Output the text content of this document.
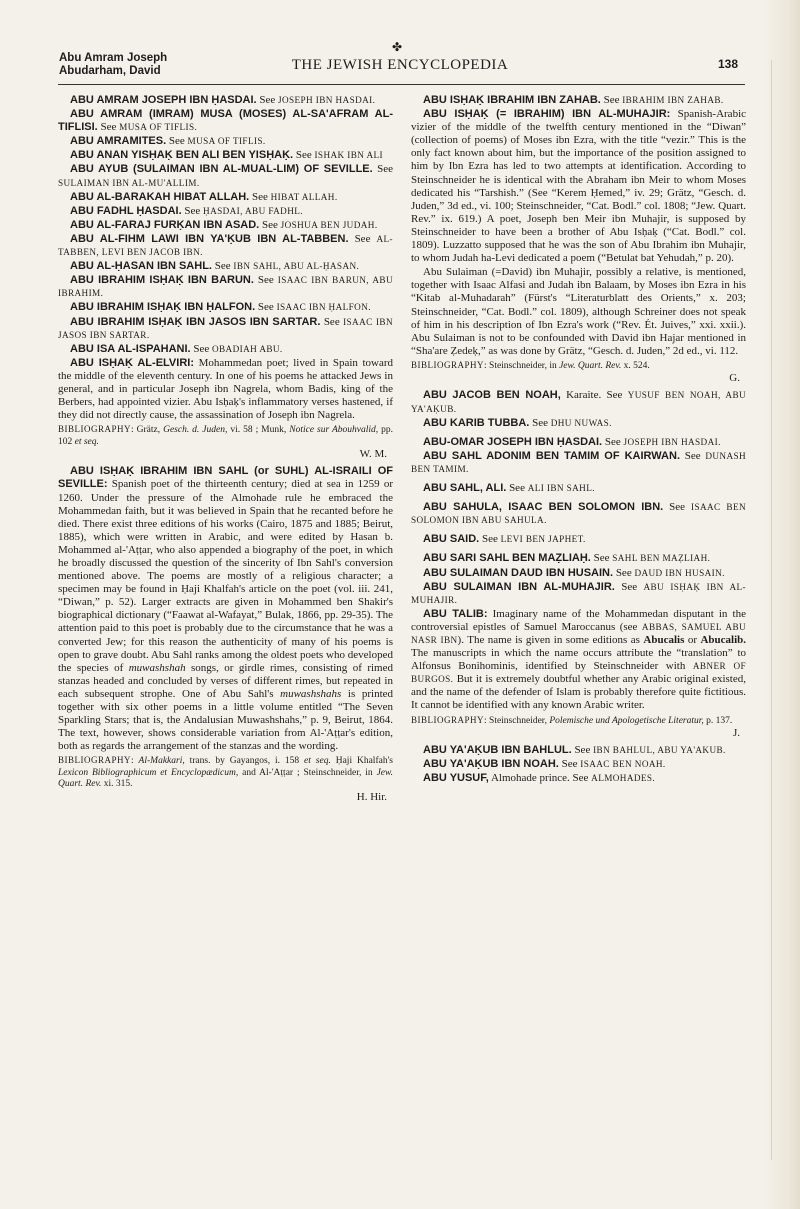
Abu Amram Joseph
Abudarham, David	THE JEWISH ENCYCLOPEDIA	138
✤

ABU AMRAM JOSEPH IBN ḤASDAI. See JOSEPH IBN HASDAI.

ABU AMRAM (IMRAM) MUSA (MOSES) AL-SA'AFRAM AL-TIFLISI. See MUSA OF TIFLIS.

ABU AMRAMITES. See MUSA OF TIFLIS.

ABU ANAN YISḤAḲ BEN ALI BEN YISḤAḲ. See ISHAK IBN ALI

ABU AYUB (SULAIMAN IBN AL-MUAL-LIM) OF SEVILLE. See SULAIMAN IBN AL-MU'ALLIM.

ABU AL-BARAKAH HIBAT ALLAH. See HIBAT ALLAH.

ABU FADHL ḤASDAI. See ḤASDAI, ABU FADHL.

ABU AL-FARAJ FURḲAN IBN ASAD. See JOSHUA BEN JUDAH.

ABU AL-FIHM LAWI IBN YA'ḲUB IBN AL-TABBEN. See AL-TABBEN, LEVI BEN JACOB IBN.

ABU AL-ḤASAN IBN SAHL. See IBN SAHL, ABU AL-ḤASAN.

ABU IBRAHIM ISḤAḲ IBN BARUN. See ISAAC IBN BARUN, ABU IBRAHIM.

ABU IBRAHIM ISḤAḲ IBN ḤALFON. See ISAAC IBN ḤALFON.

ABU IBRAHIM ISḤAḲ IBN JASOS IBN SARTAR. See ISAAC IBN JASOS IBN SARTAR.

ABU ISA AL-ISPAHANI. See OBADIAH ABU.

ABU ISḤAḲ AL-ELVIRI: Mohammedan poet; lived in Spain toward the middle of the eleventh century. In one of his poems he attacked Jews in general, and in particular Joseph ibn Nagrela, whom Badis, king of the Berbers, had appointed vizier. Abu Isḥaḳ's inflammatory verses hastened, if they did not directly cause, the assassination of Joseph ibn Nagrela.

BIBLIOGRAPHY: Grätz, Gesch. d. Juden, vi. 58 ; Munk, Notice sur Abouhvalid, pp. 102 et seq.

W. M.

ABU ISḤAḲ IBRAHIM IBN SAHL (or SUHL) AL-ISRAILI OF SEVILLE: Spanish poet of the thirteenth century; died at sea in 1259 or 1260. Under the pressure of the Almohade rule he embraced the Mohammedan faith, but it was believed in Spain that he recanted before he died. There exist three editions of his works (Cairo, 1875 and 1885; Beirut, 1885), which were written in Arabic, and were edited by Hasan b. Mohammed al-'Aṭṭar, who also appended a biography of the poet, in which he broadly discussed the question of the sincerity of Ibn Sahl's conversion mentioned above. The poems are mostly of a religious character; a specimen may be found in Ḥaji Khalfah's article on the poet (vol. iii. 241, “Diwan,” p. 52). Larger extracts are given in Mohammed ben Shakir's biographical dictionary (“Faawat al-Wafayat,” Bulak, 1866, pp. 29-35). The attention paid to this poet is probably due to the circumstance that he was a converted Jew; for this reason the authenticity of many of his poems is open to grave doubt. Abu Sahl ranks among the oldest poets who developed the species of muwashshah songs, or girdle rimes, consisting of rimed stanzas headed and concluded by verses of different rimes, but repeated in each subsequent strophe. One of Abu Sahl's muwashshahs is printed together with six other poems in a little volume entitled “The Seven Sparkling Stars; that is, the Andalusian Muwashshahs,” p. 9, Beirut, 1864. The text, however, shows considerable variation from Al-'Aṭṭar's edition, both as regards the arrangement of the stanzas and the wording.

BIBLIOGRAPHY: Al-Makkari, trans. by Gayangos, i. 158 et seq. Ḥaji Khalfah's Lexicon Bibliographicum et Encyclopædicum, and Al-'Aṭṭar ; Steinschneider, in Jew. Quart. Rev. xi. 315.

H. Hir.

ABU ISḤAḲ IBRAHIM IBN ZAHAB. See IBRAHIM IBN ZAHAB.

ABU ISḤAḲ (= IBRAHIM) IBN AL-MUHAJIR: Spanish-Arabic vizier of the middle of the twelfth century mentioned in the “Diwan” (collection of poems) of Moses ibn Ezra, with the title “vezir.” This is the only fact known about him, but the importance of the position assigned to him by Ibn Ezra has led to two attempts at identification. According to Steinschneider he is identical with the Abraham ibn Meir to whom Moses dedicated his “Tarshish.” (See “Kerem Ḥemed,” iv. 29; Grätz, “Gesch. d. Juden,” 3d ed., vi. 100; Steinschneider, “Cat. Bodl.” col. 1808; “Jew. Quart. Rev.” ix. 619.) A poet, Joseph ben Meir ibn Muhajir, is supposed by Steinschneider to have been a brother of Abu Isḥaḳ (“Cat. Bodl.” col. 1809). Luzzatto supposed that he was the son of Abu Ibrahim ibn Muhajir, to whom Judah ha-Levi dedicated a poem (“Betulat bat Yehudah,” p. 20).

Abu Sulaiman (=David) ibn Muhajir, possibly a relative, is mentioned, together with Isaac Alfasi and Judah ibn Balaam, by Moses ibn Ezra in his “Kitab al-Muhadarah” (Fürst's “Literaturblatt des Orients,” x. 203; Steinschneider, “Cat. Bodl.” col. 1809), although Schreiner does not speak of him in his description of Ibn Ezra's work (“Rev. Ét. Juives,” xxi. xxii.). Abu Sulaiman is not to be confounded with David ibn Hajar mentioned in “Sha'are Ẓedeḳ,” as was done by Grätz, “Gesch. d. Juden,” 2d ed., vi. 112.

BIBLIOGRAPHY: Steinschneider, in Jew. Quart. Rev. x. 524.

G.

ABU JACOB BEN NOAH, Karaite. See YUSUF BEN NOAH, ABU YA'AḲUB.

ABU KARIB TUBBA. See DHU NUWAS.

ABU-OMAR JOSEPH IBN ḤASDAI. See JOSEPH IBN HASDAI.

ABU SAHL ADONIM BEN TAMIM OF KAIRWAN. See DUNASH BEN TAMIM.

ABU SAHL, ALI. See ALI IBN SAHL.

ABU SAHULA, ISAAC BEN SOLOMON IBN. See ISAAC BEN SOLOMON IBN ABU SAHULA.

ABU SAID. See LEVI BEN JAPHET.

ABU SARI SAHL BEN MAẒLIAḤ. See SAHL BEN MAẒLIAH.

ABU SULAIMAN DAUD IBN HUSAIN. See DAUD IBN HUSAIN.

ABU SULAIMAN IBN AL-MUHAJIR. See ABU ISḤAḲ IBN AL-MUHAJIR.

ABU TALIB: Imaginary name of the Mohammedan disputant in the controversial epistles of Samuel Maroccanus (see ABBAS, SAMUEL ABU NASR IBN). The name is given in some editions as Abucalis or Abucalib. The manuscripts in which the name occurs attribute the “translation” to Alfonsus Bonihominis, identified by Steinschneider with ABNER OF BURGOS. But it is extremely doubtful whether any Arabic original existed, and the name of the defender of Islam is probably therefore quite fictitious. It cannot be identified with any known Arabic writer.

BIBLIOGRAPHY: Steinschneider, Polemische und Apologetische Literatur, p. 137.

J.

ABU YA'AḲUB IBN BAHLUL. See IBN BAHLUL, ABU YA'AKUB.

ABU YA'AḲUB IBN NOAH. See ISAAC BEN NOAH.

ABU YUSUF, Almohade prince. See ALMOHADES.
